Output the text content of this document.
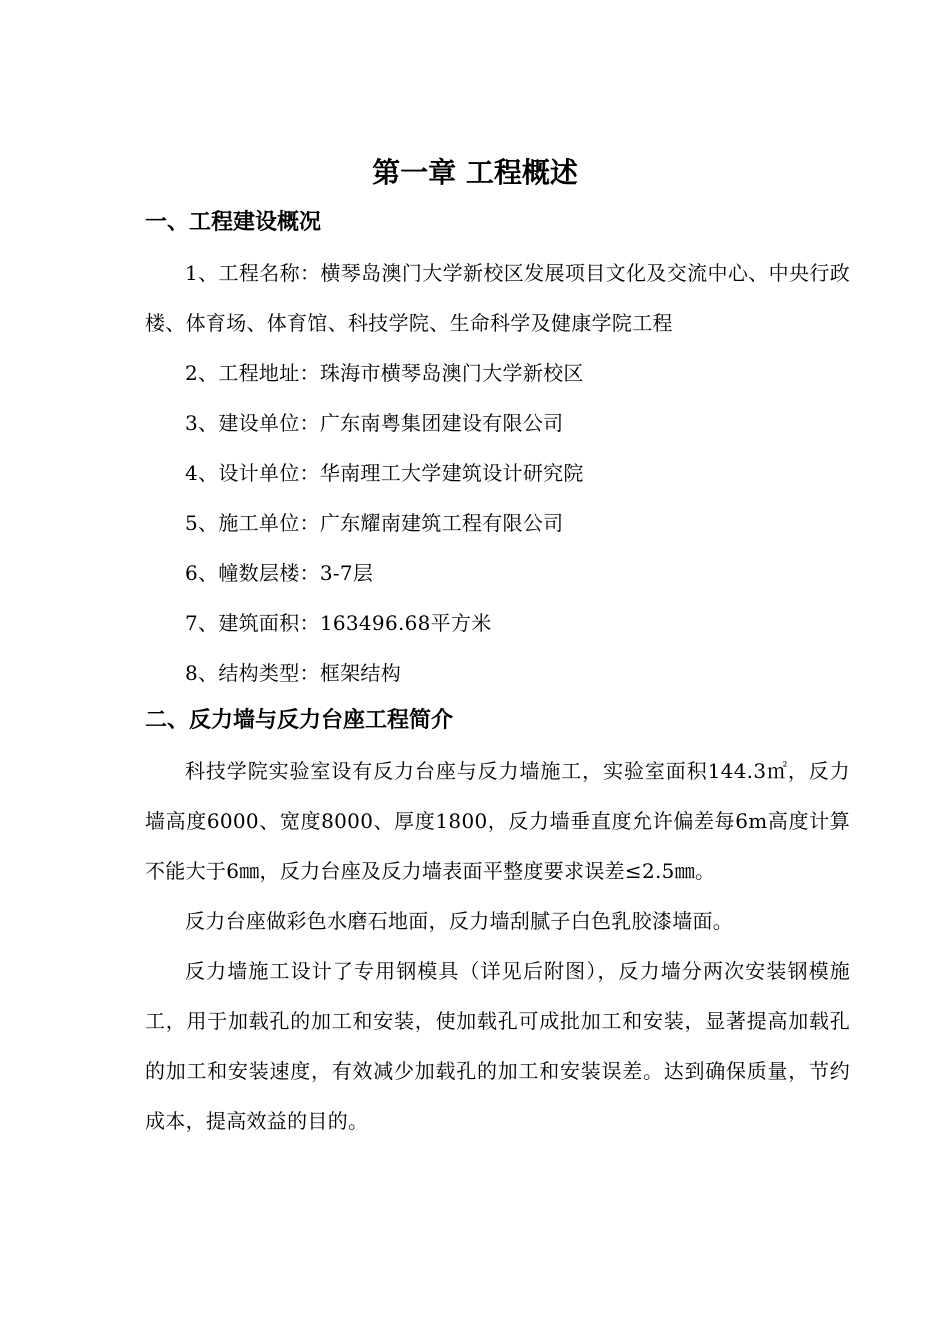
第一章 工程概述
一、工程建设概况

1、工程名称：横琴岛澳门大学新校区发展项目文化及交流中心、中央行政楼、体育场、体育馆、科技学院、生命科学及健康学院工程

2、工程地址：珠海市横琴岛澳门大学新校区

3、建设单位：广东南粤集团建设有限公司

4、设计单位：华南理工大学建筑设计研究院

5、施工单位：广东耀南建筑工程有限公司

6、幢数层楼：3-7层

7、建筑面积：163496.68平方米

8、结构类型：框架结构

二、反力墙与反力台座工程简介

科技学院实验室设有反力台座与反力墙施工，实验室面积144.3㎡，反力墙高度6000、宽度8000、厚度1800，反力墙垂直度允许偏差每6m高度计算不能大于6㎜，反力台座及反力墙表面平整度要求误差≤2.5㎜。

反力台座做彩色水磨石地面，反力墙刮腻子白色乳胶漆墙面。

反力墙施工设计了专用钢模具（详见后附图），反力墙分两次安装钢模施工，用于加载孔的加工和安装，使加载孔可成批加工和安装，显著提高加载孔的加工和安装速度，有效减少加载孔的加工和安装误差。达到确保质量，节约成本，提高效益的目的。
